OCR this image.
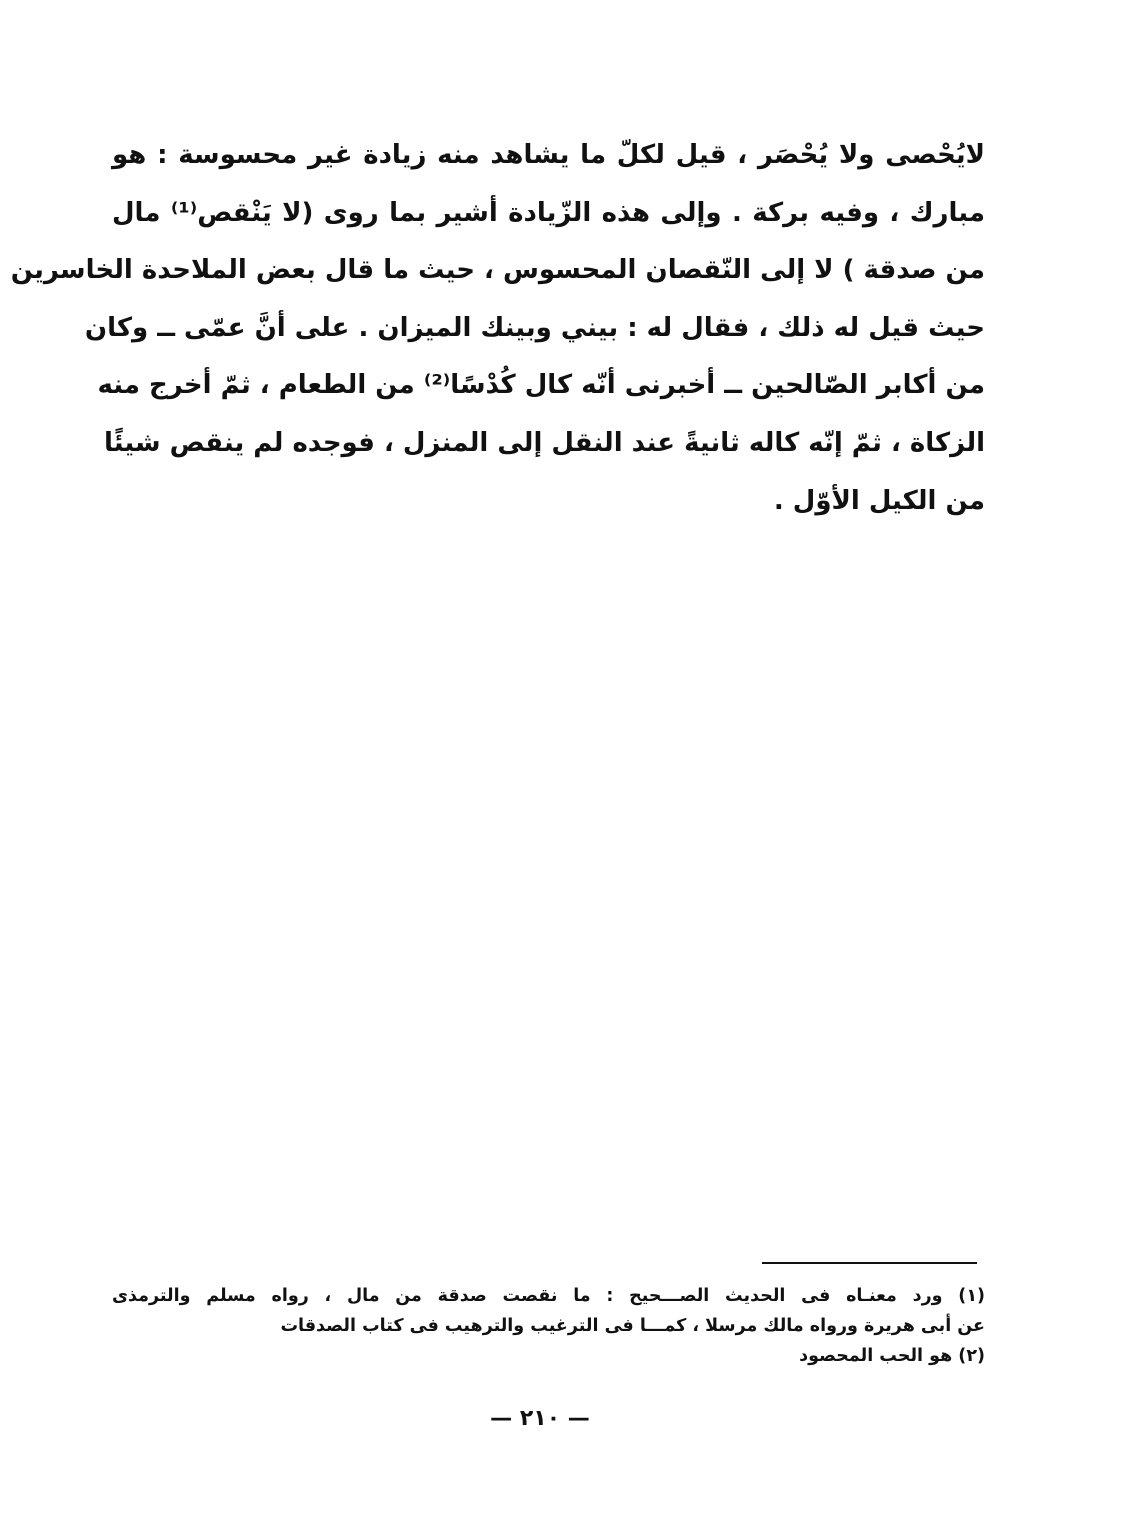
لايُحْصى ولا يُحْصَر ، قيل لكلّ ما يشاهد منه زيادة غير محسوسة : هو
مبارك ، وفيه بركة . وإلى هذه الزّيادة أشير بما روى (لا يَنْقص⁽¹⁾ مال
من صدقة ) لا إلى النّقصان المحسوس ، حيث ما قال بعض الملاحدة الخاسرين
حيث قيل له ذلك ، فقال له : بيني وبينك الميزان . على أنَّ عمّى ــ وكان
من أكابر الصّالحين ــ أخبرنى أنّه كال كُدْسًا⁽²⁾ من الطعام ، ثمّ أخرج منه
الزكاة ، ثمّ إنّه كاله ثانيةً عند النقل إلى المنزل ، فوجده لم ينقص شيئًا
من الكيل الأوّل .
(١) ورد معنـاه فى الحديث الصـــحيح : ما نقصت صدقة من مال ، رواه مسلم والترمذى
عن أبى هريرة ورواه مالك مرسلا ، كمـــا فى الترغيب والترهيب فى كتاب الصدقات
(٢) هو الحب المحصود
— ٢١٠ —
